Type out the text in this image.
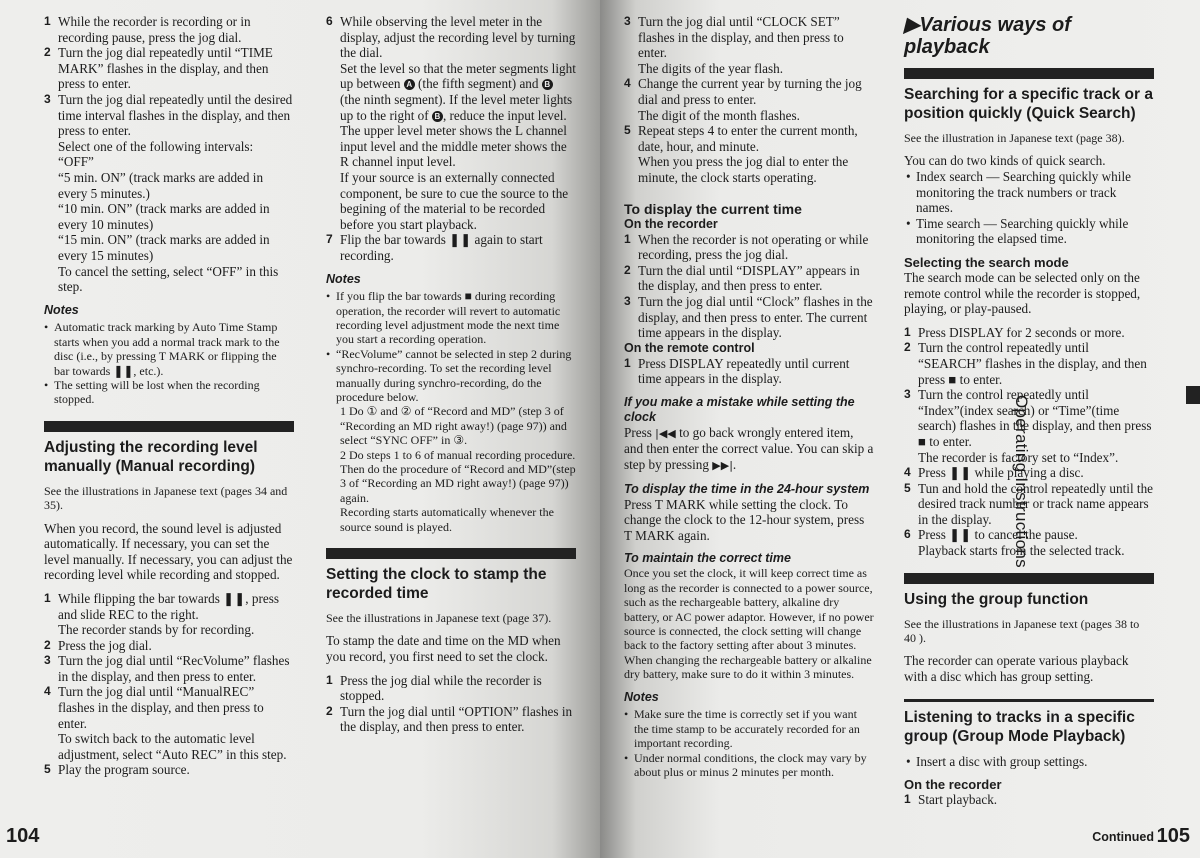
1 While the recorder is recording or in recording pause, press the jog dial.

2 Turn the jog dial repeatedly until “TIME MARK” flashes in the display, and then press to enter.

3 Turn the jog dial repeatedly until the desired time interval flashes in the display, and then press to enter.

Select one of the following intervals:

“OFF”
“5 min. ON” (track marks are added in every 5 minutes.)
“10 min. ON” (track marks are added in every 10 minutes)
“15 min. ON” (track marks are added in every 15 minutes)

To cancel the setting, select “OFF” in this step.

Notes
• Automatic track marking by Auto Time Stamp starts when you add a normal track mark to the disc (i.e., by pressing T MARK or flipping the bar towards ❚❚, etc.).
• The setting will be lost when the recording stopped.
Adjusting the recording level manually (Manual recording)

See the illustrations in Japanese text (pages 34 and 35).

When you record, the sound level is adjusted automatically. If necessary, you can set the level manually. If necessary, you can adjust the recording level while recording and stopped.

1 While flipping the bar towards ❚❚, press and slide REC to the right.

The recorder stands by for recording.

2 Press the jog dial.

3 Turn the jog dial until “RecVolume” flashes in the display, and then press to enter.

4 Turn the jog dial until “ManualREC” flashes in the display, and then press to enter.

To switch back to the automatic level adjustment, select “Auto REC” in this step.

5 Play the program source.

6 While observing the level meter in the display, adjust the recording level by turning the dial.

Set the level so that the meter segments light up between A (the fifth segment) and B (the ninth segment). If the level meter lights up to the right of B , reduce the input level.

The upper level meter shows the L channel input level and the middle meter shows the R channel input level.

If your source is an externally connected component, be sure to cue the source to the begining of the material to be recorded before you start playback.

7 Flip the bar towards ❚❚ again to start recording.

Notes
• If you flip the bar towards ■ during recording operation, the recorder will revert to automatic recording level adjustment mode the next time you start a recording operation.
• “RecVolume” cannot be selected in step 2 during synchro-recording. To set the recording level manually during synchro-recording, do the procedure below.
1 Do ① and ② of “Record and MD” (step 3 of “Recording an MD right away!) (page 97)) and select “SYNC OFF” in ③.
2 Do steps 1 to 6 of manual recording procedure. Then do the procedure of “Record and MD”(step 3 of “Recording an MD right away!) (page 97)) again.
Recording starts automatically whenever the source sound is played.
Setting the clock to stamp the recorded time

See the illustrations in Japanese text (page 37).

To stamp the date and time on the MD when you record, you first need to set the clock.

1 Press the jog dial while the recorder is stopped.

2 Turn the jog dial until “OPTION” flashes in the display, and then press to enter.

104
3 Turn the jog dial until “CLOCK SET” flashes in the display, and then press to enter.

The digits of the year flash.

4 Change the current year by turning the jog dial and press to enter.

The digit of the month flashes.

5 Repeat steps 4 to enter the current month, date, hour, and minute.

When you press the jog dial to enter the minute, the clock starts operating.

To display the current time
On the recorder
1 When the recorder is not operating or while recording, press the jog dial.

2 Turn the dial until “DISPLAY” appears in the display, and then press to enter.

3 Turn the jog dial until “Clock” flashes in the display, and then press to enter. The current time appears in the display.

On the remote control
1 Press DISPLAY repeatedly until current time appears in the display.

If you make a mistake while setting the clock

Press |◀◀ to go back wrongly entered item, and then enter the correct value. You can skip a step by pressing ▶▶|.

To display the time in the 24-hour system

Press T MARK while setting the clock. To change the clock to the 12-hour system, press T MARK again.

To maintain the correct time

Once you set the clock, it will keep correct time as long as the recorder is connected to a power source, such as the rechargeable battery, alkaline dry battery, or AC power adaptor. However, if no power source is connected, the clock setting will change back to the factory setting after about 3 minutes. When changing the rechargeable battery or alkaline dry battery, make sure to do it within 3 minutes.

Notes
• Make sure the time is correctly set if you want the time stamp to be accurately recorded for an important recording.
• Under normal conditions, the clock may vary by about plus or minus 2 minutes per month.
▶Various ways of playback
Searching for a specific track or a position quickly (Quick Search)

See the illustration in Japanese text (page 38).

You can do two kinds of quick search.

• Index search — Searching quickly while monitoring the track numbers or track names.
• Time search — Searching quickly while monitoring the elapsed time.
Selecting the search mode

The search mode can be selected only on the remote control while the recorder is stopped, playing, or play-paused.

1 Press DISPLAY for 2 seconds or more.

2 Turn the control repeatedly until “SEARCH” flashes in the display, and then press ■ to enter.

3 Turn the control repeatedly until “Index”(index search) or “Time”(time search) flashes in the display, and then press ■ to enter.

The recorder is factory set to “Index”.

4 Press ❚❚ while playing a disc.

5 Tun and hold the control repeatedly until the desired track number or track name appears in the display.

6 Press ❚❚ to cancel the pause.

Playback starts from the selected track.

Using the group function

See the illustrations in Japanese text (pages 38 to 40 ).

The recorder can operate various playback with a disc which has group setting.

Listening to tracks in a specific group (Group Mode Playback)
• Insert a disc with group settings.
On the recorder
1 Start playback.

Operating Instructions
Continued 105
